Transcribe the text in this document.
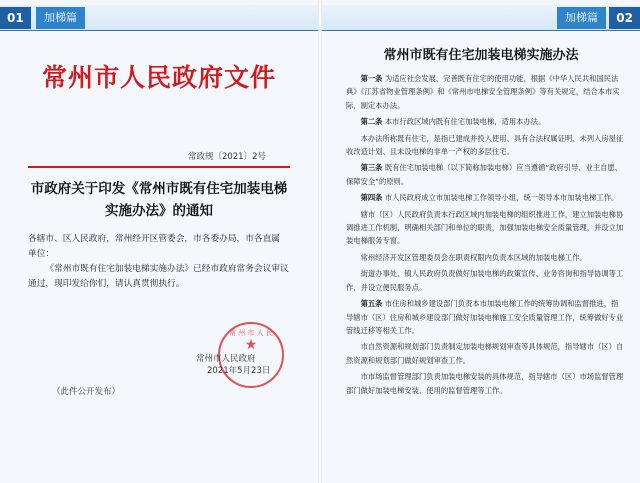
01	加梯篇
常州市人民政府文件
常政规〔2021〕2号
市政府关于印发《常州市既有住宅加装电梯
实施办法》的通知

各辖市、区人民政府，常州经开区管委会，市各委办局，市各直属

单位：

《常州市既有住宅加装电梯实施办法》已经市政府常务会议审议通过，现印发给你们，请认真贯彻执行。

常 州 市 人 民
★
常州市人民政府
2021年5月23日
（此件公开发布）
加梯篇	02
常州市既有住宅加装电梯实施办法

第一条 为适应社会发展，完善既有住宅的使用功能，根据《中华人民共和国民法典》《江苏省物业管理条例》和《常州市电梯安全管理条例》等有关规定，结合本市实际，制定本办法。

第二条 本市行政区域内既有住宅加装电梯，适用本办法。

本办法所称既有住宅，是指已建成并投入使用、具有合法权属证明、未列入房屋征收改造计划、且未设电梯的非单一产权的多层住宅。

第三条 既有住宅加装电梯（以下简称加装电梯）应当遵循“政府引导、业主自愿、保障安全”的原则。

第四条 市人民政府成立市加装电梯工作领导小组，统一领导本市加装电梯工作。

辖市（区）人民政府负责本行政区域内加装电梯的组织推进工作，建立加装电梯协调推进工作机制，明确相关部门和单位的职责，加强加装电梯安全质量管理，并设立加装电梯服务专窗。

常州经济开发区管理委员会在职责权限内负责本区域的加装电梯工作。

街道办事处、镇人民政府负责做好加装电梯的政策宣传、业务咨询和指导协调等工作，并设立便民服务点。

第五条 市住房和城乡建设部门负责本市加装电梯工作的统筹协调和监督推进，指导辖市（区）住房和城乡建设部门做好加装电梯施工安全质量管理工作，统筹做好专业管线迁移等相关工作。

市自然资源和规划部门负责制定加装电梯规划审查等具体规范，指导辖市（区）自然资源和规划部门做好规划审查工作。

市市场监督管理部门负责加装电梯安装的具体规范，指导辖市（区）市场监督管理部门做好加装电梯安装、使用的监督管理等工作。
